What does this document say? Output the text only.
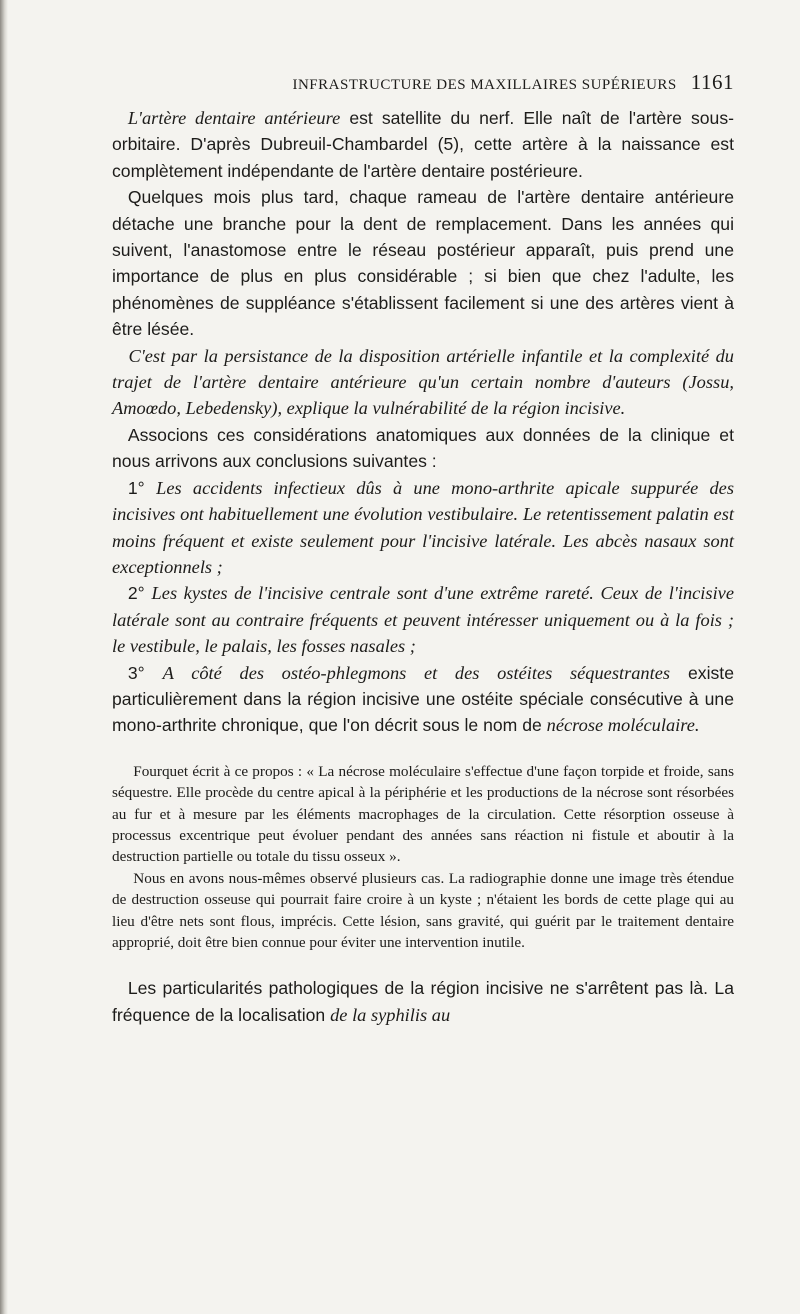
INFRASTRUCTURE DES MAXILLAIRES SUPÉRIEURS 1161

L'artère dentaire antérieure est satellite du nerf. Elle naît de l'artère sous-orbitaire. D'après Dubreuil-Chambardel (5), cette artère à la naissance est complètement indépendante de l'artère dentaire postérieure.

Quelques mois plus tard, chaque rameau de l'artère dentaire antérieure détache une branche pour la dent de remplacement. Dans les années qui suivent, l'anastomose entre le réseau postérieur apparaît, puis prend une importance de plus en plus considérable ; si bien que chez l'adulte, les phénomènes de suppléance s'établissent facilement si une des artères vient à être lésée.

C'est par la persistance de la disposition artérielle infantile et la complexité du trajet de l'artère dentaire antérieure qu'un certain nombre d'auteurs (Jossu, Amoœdo, Lebedensky), explique la vulnérabilité de la région incisive.

Associons ces considérations anatomiques aux données de la clinique et nous arrivons aux conclusions suivantes :

1° Les accidents infectieux dûs à une mono-arthrite apicale suppurée des incisives ont habituellement une évolution vestibulaire. Le retentissement palatin est moins fréquent et existe seulement pour l'incisive latérale. Les abcès nasaux sont exceptionnels ;

2° Les kystes de l'incisive centrale sont d'une extrême rareté. Ceux de l'incisive latérale sont au contraire fréquents et peuvent intéresser uniquement ou à la fois ; le vestibule, le palais, les fosses nasales ;

3° A côté des ostéo-phlegmons et des ostéites séquestrantes existe particulièrement dans la région incisive une ostéite spéciale consécutive à une mono-arthrite chronique, que l'on décrit sous le nom de nécrose moléculaire.

Fourquet écrit à ce propos : « La nécrose moléculaire s'effectue d'une façon torpide et froide, sans séquestre. Elle procède du centre apical à la périphérie et les productions de la nécrose sont résorbées au fur et à mesure par les éléments macrophages de la circulation. Cette résorption osseuse à processus excentrique peut évoluer pendant des années sans réaction ni fistule et aboutir à la destruction partielle ou totale du tissu osseux ».

Nous en avons nous-mêmes observé plusieurs cas. La radiographie donne une image très étendue de destruction osseuse qui pourrait faire croire à un kyste ; n'étaient les bords de cette plage qui au lieu d'être nets sont flous, imprécis. Cette lésion, sans gravité, qui guérit par le traitement dentaire approprié, doit être bien connue pour éviter une intervention inutile.

Les particularités pathologiques de la région incisive ne s'arrêtent pas là. La fréquence de la localisation de la syphilis au
